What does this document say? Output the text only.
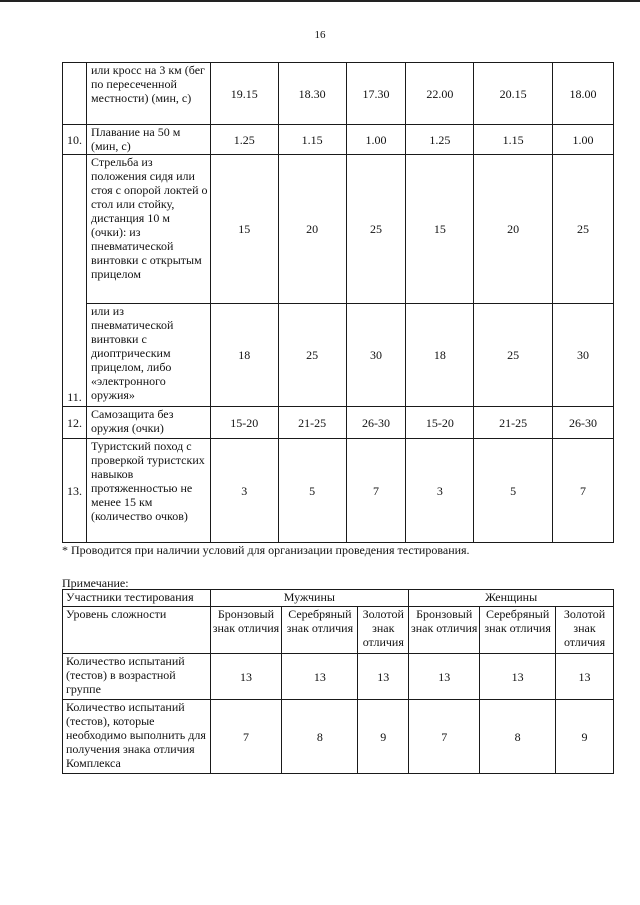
16
	или кросс на 3 км (бег по пересеченной местности) (мин, с)	19.15	18.30	17.30	22.00	20.15	18.00
10.	Плавание на 50 м (мин, с)	1.25	1.15	1.00	1.25	1.15	1.00
11.	Стрельба из положения сидя или стоя с опорой локтей о стол или стойку, дистанция 10 м (очки): из пневматической винтовки с открытым прицелом	15	20	25	15	20	25
	или из пневматической винтовки с диоптрическим прицелом, либо «электронного оружия»	18	25	30	18	25	30
12.	Самозащита без оружия (очки)	15-20	21-25	26-30	15-20	21-25	26-30
13.	Туристский поход с проверкой туристских навыков протяженностью не менее 15 км (количество очков)	3	5	7	3	5	7
* Проводится при наличии условий для организации проведения тестирования.
Примечание:
Участники тестирования	Мужчины			Женщины		
Уровень сложности	Бронзовый знак отличия	Серебряный знак отличия	Золотой знак отличия	Бронзовый знак отличия	Серебряный знак отличия	Золотой знак отличия
Количество испытаний (тестов) в возрастной группе	13	13	13	13	13	13
Количество испытаний (тестов), которые необходимо выполнить для получения знака отличия Комплекса	7	8	9	7	8	9
